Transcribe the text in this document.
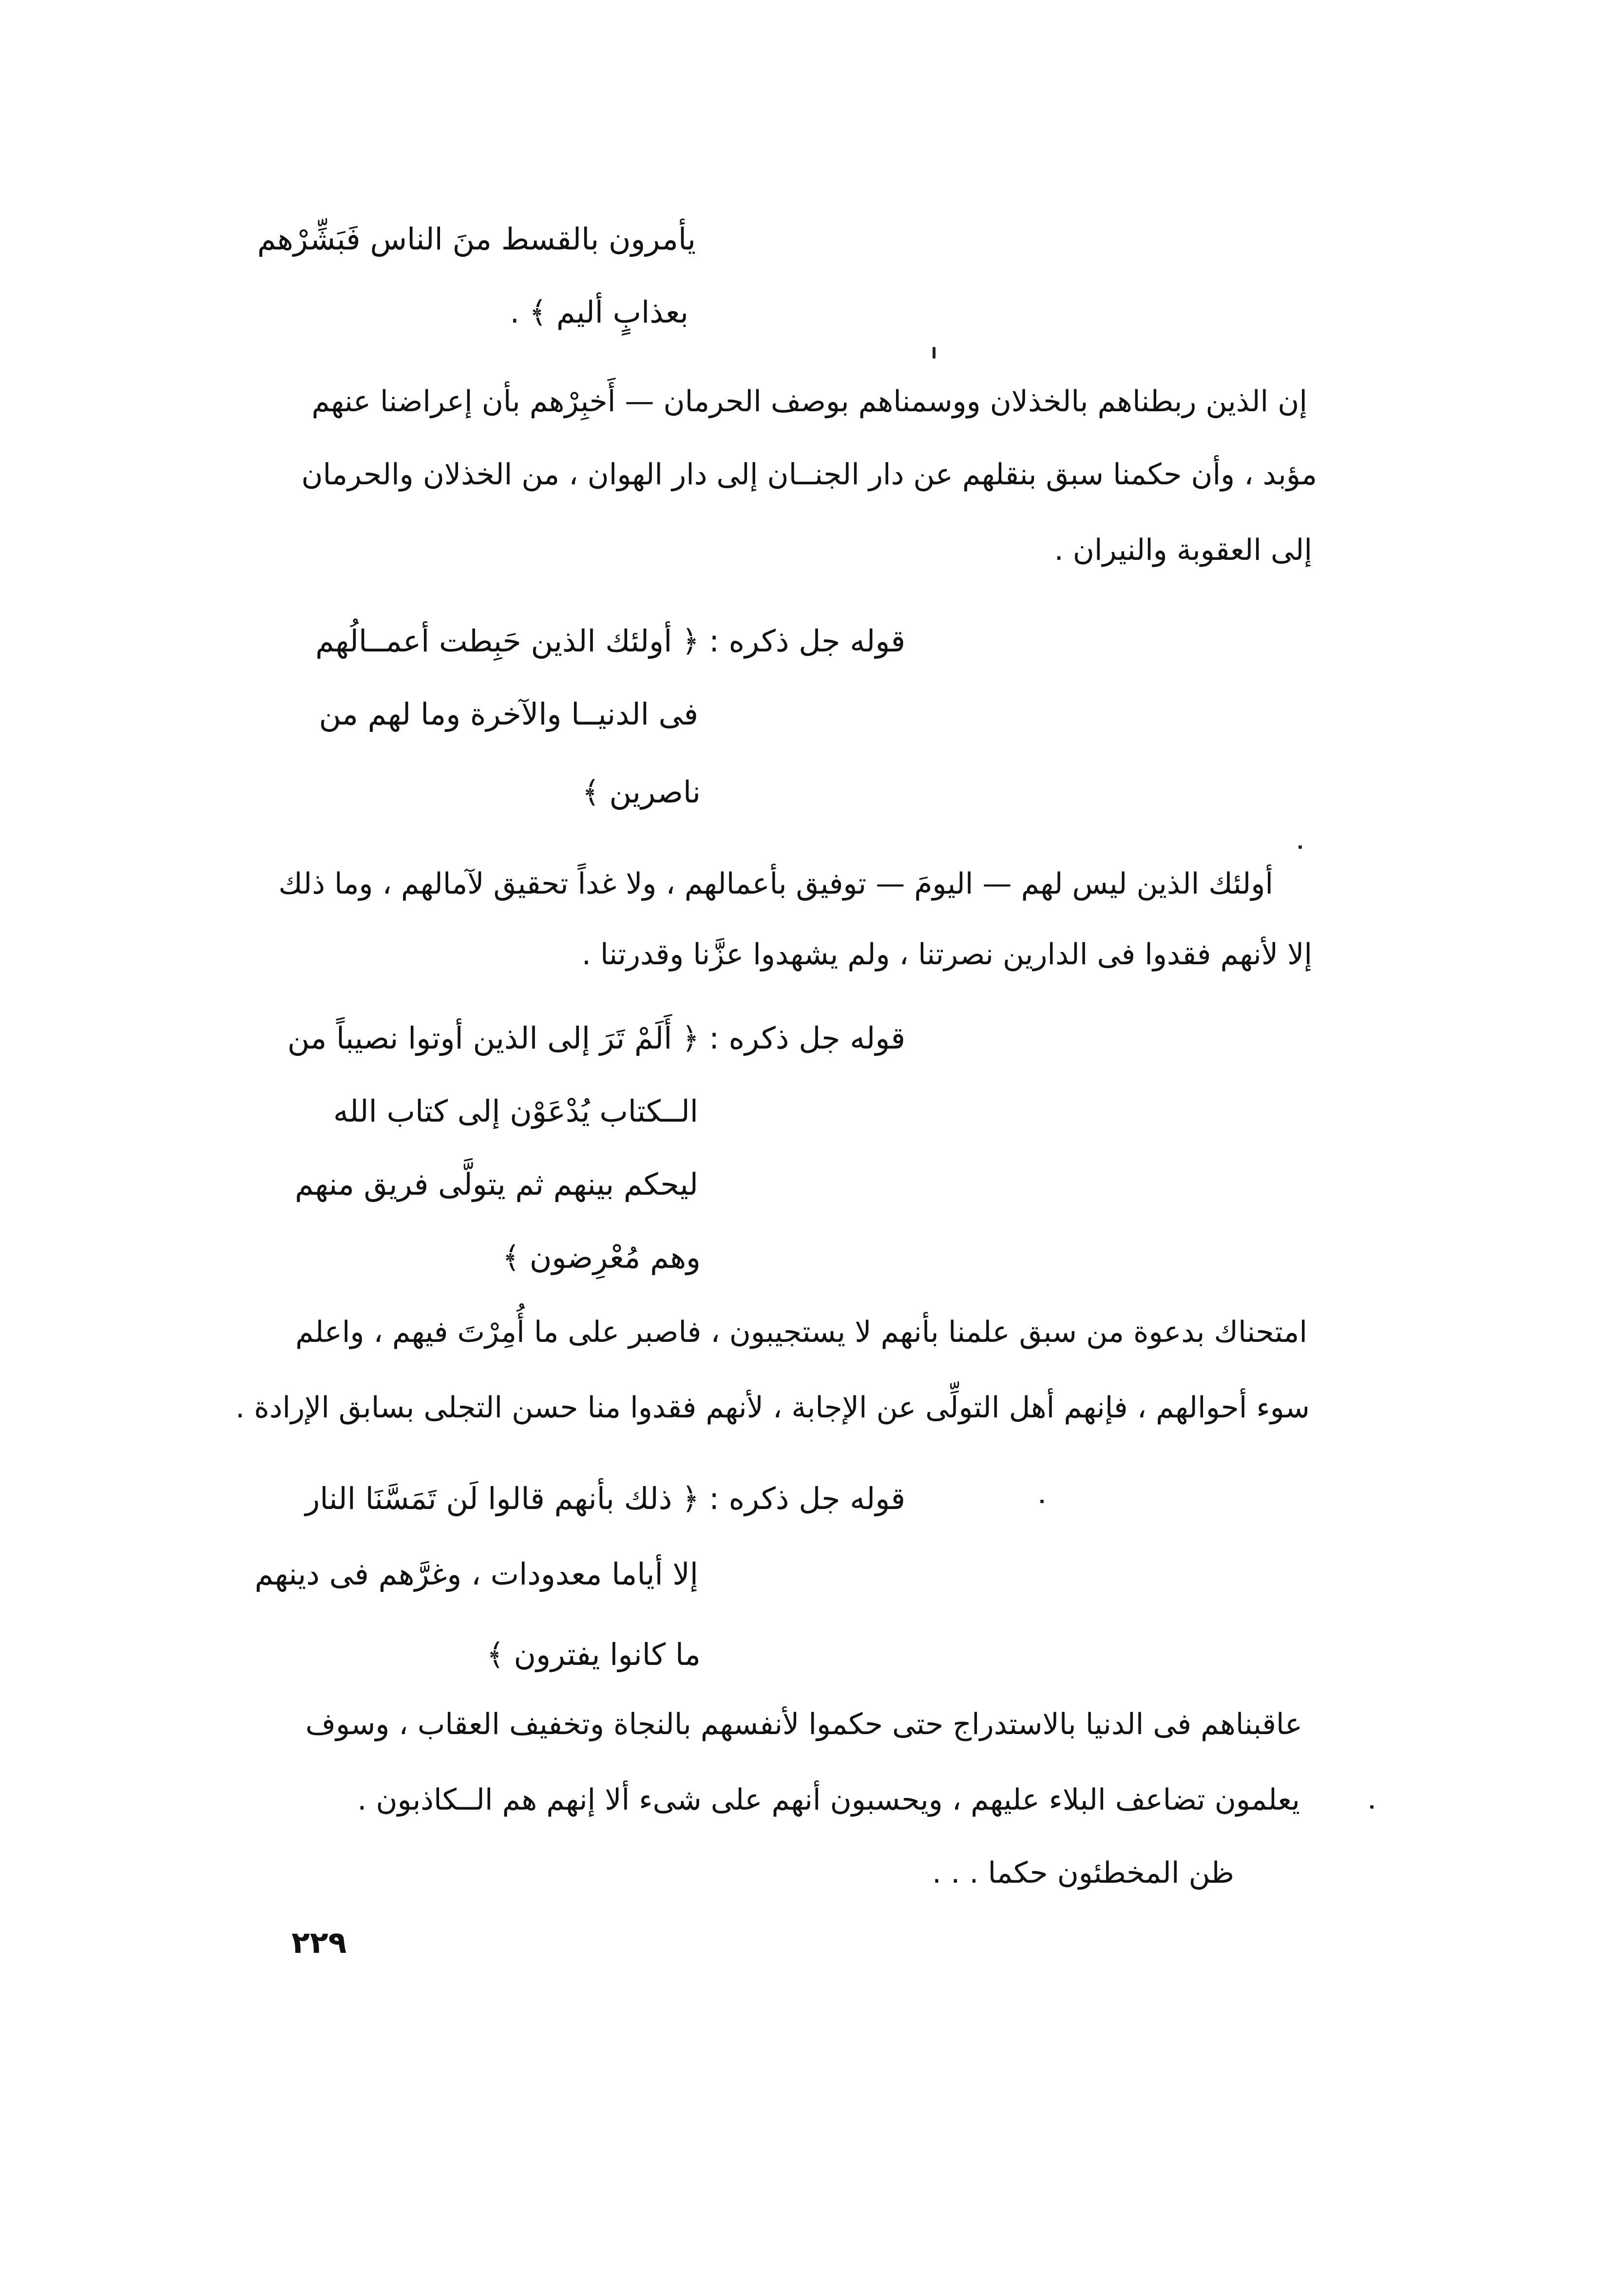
يأمرون بالقسط منَ الناس فَبَشِّرْهم
بعذابٍ أليم ﴾ .
إن الذين ربطناهم بالخذلان ووسمناهم بوصف الحرمان — أَخبِرْهم بأن إعراضنا عنهم
مؤبد ، وأن حكمنا سبق بنقلهم عن دار الجنــان إلى دار الهوان ، من الخذلان والحرمان
إلى العقوبة والنيران .
قوله جل ذكره : ﴿ أولئك الذين حَبِطت أعمــالُهم
فى الدنيــا والآخرة وما لهم من
ناصرين ﴾
أولئك الذين ليس لهم — اليومَ — توفيق بأعمالهم ، ولا غداً تحقيق لآمالهم ، وما ذلك
إلا لأنهم فقدوا فى الدارين نصرتنا ، ولم يشهدوا عزَّنا وقدرتنا .
قوله جل ذكره : ﴿ أَلَمْ تَرَ إلى الذين أوتوا نصيباً من
الــكتاب يُدْعَوْن إلى كتاب الله
ليحكم بينهم ثم يتولَّى فريق منهم
وهم مُعْرِضون ﴾
امتحناك بدعوة من سبق علمنا بأنهم لا يستجيبون ، فاصبر على ما أُمِرْتَ فيهم ، واعلم
سوء أحوالهم ، فإنهم أهل التولِّى عن الإجابة ، لأنهم فقدوا منا حسن التجلى بسابق الإرادة .
قوله جل ذكره : ﴿ ذلك بأنهم قالوا لَن تَمَسَّنَا النار
إلا أياما معدودات ، وغرَّهم فى دينهم
ما كانوا يفترون ﴾
عاقبناهم فى الدنيا بالاستدراج حتى حكموا لأنفسهم بالنجاة وتخفيف العقاب ، وسوف
يعلمون تضاعف البلاء عليهم ، ويحسبون أنهم على شىء ألا إنهم هم الــكاذبون .
ظن المخطئون حكما . . .
٢٢٩
